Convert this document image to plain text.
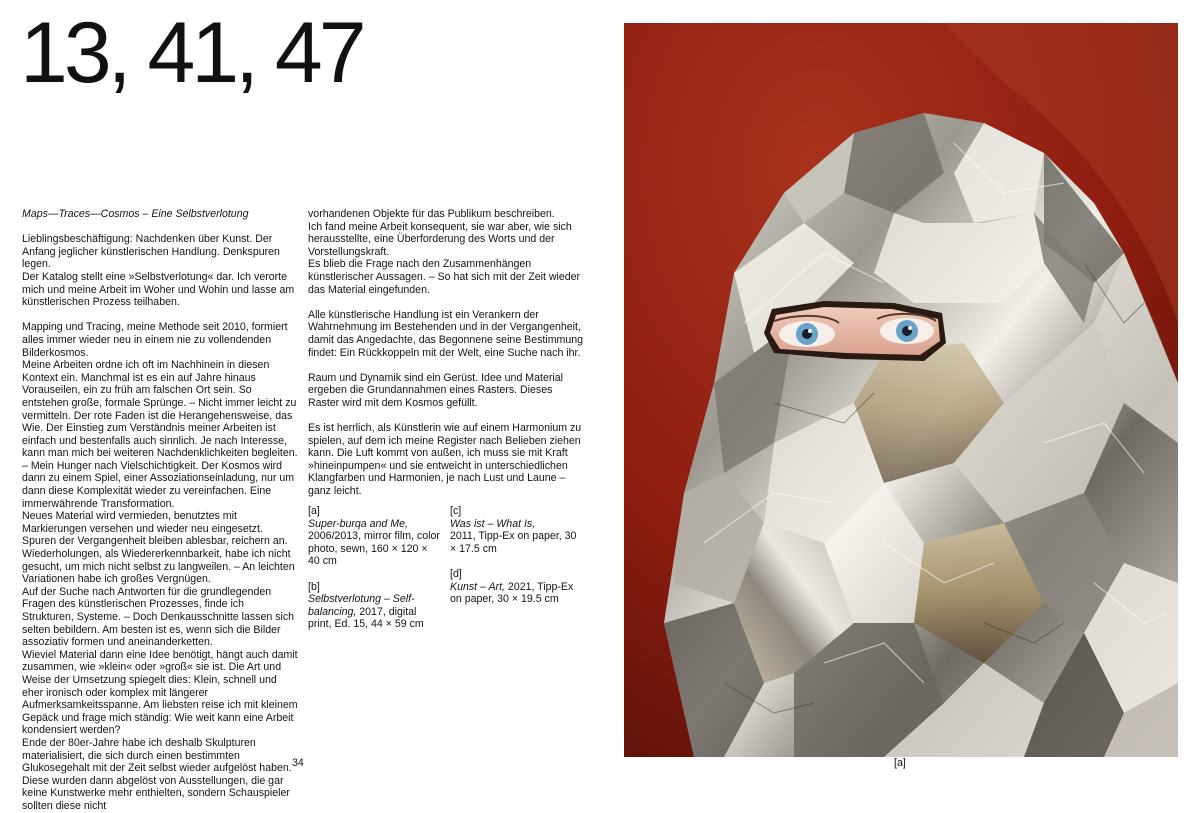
13, 41, 47

Maps—Traces—Cosmos – Eine Selbstverlotung

Lieblingsbeschäftigung: Nachdenken über Kunst. Der Anfang jeglicher künstlerischen Handlung. Denkspuren legen.

Der Katalog stellt eine »Selbstverlotung« dar. Ich verorte mich und meine Arbeit im Woher und Wohin und lasse am künstlerischen Prozess teilhaben.

Mapping und Tracing, meine Methode seit 2010, formiert alles immer wieder neu in einem nie zu vollendenden Bilderkosmos.

Meine Arbeiten ordne ich oft im Nachhinein in diesen Kontext ein. Manchmal ist es ein auf Jahre hinaus Vorauseilen, ein zu früh am falschen Ort sein. So entstehen große, formale Sprünge. – Nicht immer leicht zu vermitteln. Der rote Faden ist die Herangehensweise, das Wie. Der Einstieg zum Verständnis meiner Arbeiten ist einfach und bestenfalls auch sinnlich. Je nach Interesse, kann man mich bei weiteren Nachdenklichkeiten begleiten. – Mein Hunger nach Vielschichtigkeit. Der Kosmos wird dann zu einem Spiel, einer Assoziationseinladung, nur um dann diese Komplexität wieder zu vereinfachen. Eine immerwährende Transformation.

Neues Material wird vermieden, benutztes mit Markierungen versehen und wieder neu eingesetzt. Spuren der Vergangenheit bleiben ablesbar, reichern an.

Wiederholungen, als Wiedererkennbarkeit, habe ich nicht gesucht, um mich nicht selbst zu langweilen. – An leichten Variationen habe ich großes Vergnügen.

Auf der Suche nach Antworten für die grundlegenden Fragen des künstlerischen Prozesses, finde ich Strukturen, Systeme. – Doch Denkausschnitte lassen sich selten bebildern. Am besten ist es, wenn sich die Bilder assoziativ formen und aneinanderketten.

Wieviel Material dann eine Idee benötigt, hängt auch damit zusammen, wie »klein« oder »groß« sie ist. Die Art und Weise der Umsetzung spiegelt dies: Klein, schnell und eher ironisch oder komplex mit längerer Aufmerksamkeitsspanne. Am liebsten reise ich mit kleinem Gepäck und frage mich ständig: Wie weit kann eine Arbeit kondensiert werden?

Ende der 80er-Jahre habe ich deshalb Skulpturen materialisiert, die sich durch einen bestimmten Glukosegehalt mit der Zeit selbst wieder aufgelöst haben. Diese wurden dann abgelöst von Ausstellungen, die gar keine Kunstwerke mehr enthielten, sondern Schauspieler sollten diese nicht

vorhandenen Objekte für das Publikum beschreiben.

Ich fand meine Arbeit konsequent, sie war aber, wie sich herausstellte, eine Überforderung des Worts und der Vorstellungskraft.

Es blieb die Frage nach den Zusammenhängen künstlerischer Aussagen. – So hat sich mit der Zeit wieder das Material eingefunden.

Alle künstlerische Handlung ist ein Verankern der Wahrnehmung im Bestehenden und in der Vergangenheit, damit das Angedachte, das Begonnene seine Bestimmung findet: Ein Rückkoppeln mit der Welt, eine Suche nach ihr.

Raum und Dynamik sind ein Gerüst. Idee und Material ergeben die Grundannahmen eines Rasters. Dieses Raster wird mit dem Kosmos gefüllt.

Es ist herrlich, als Künstlerin wie auf einem Harmonium zu spielen, auf dem ich meine Register nach Belieben ziehen kann. Die Luft kommt von außen, ich muss sie mit Kraft »hineinpumpen« und sie entweicht in unterschiedlichen Klangfarben und Harmonien, je nach Lust und Laune – ganz leicht.

[a]
Super-burqa and Me, 2006/2013, mirror film, color photo, sewn, 160 × 120 × 40 cm
[b]
Selbstverlotung – Self-balancing, 2017, digital print, Ed. 15, 44 × 59 cm
[c]
Was ist – What Is,
2011, Tipp-Ex on paper, 30 × 17.5 cm
[d]
Kunst – Art, 2021, Tipp-Ex on paper, 30 × 19.5 cm
34	[a]
